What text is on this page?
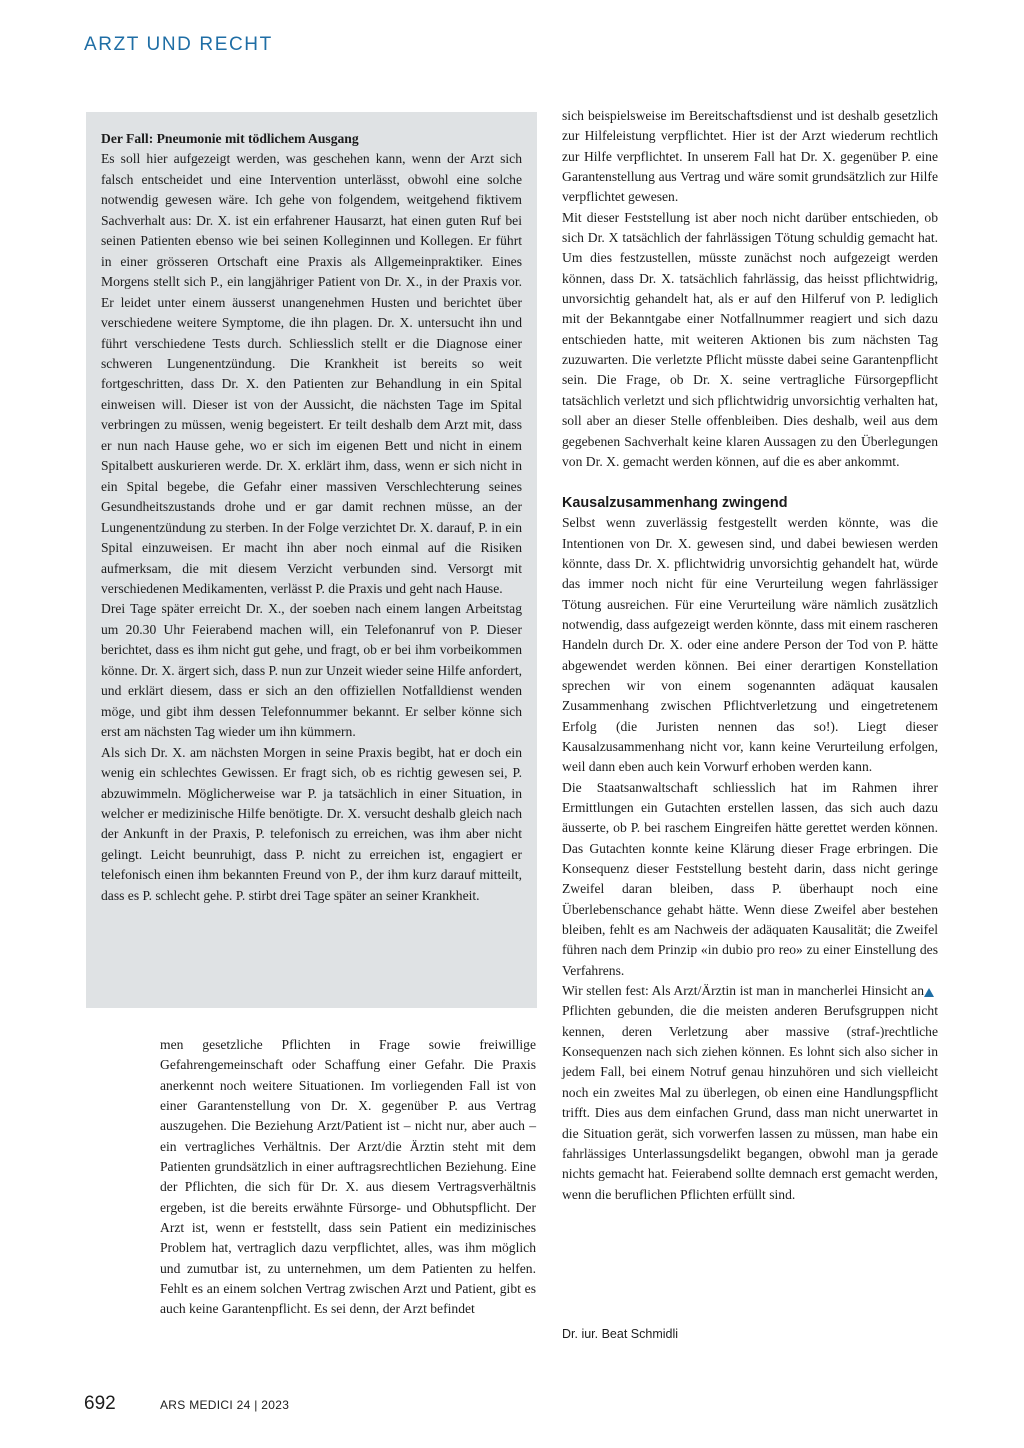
ARZT UND RECHT
Der Fall: Pneumonie mit tödlichem Ausgang
Es soll hier aufgezeigt werden, was geschehen kann, wenn der Arzt sich falsch entscheidet und eine Intervention unterlässt, obwohl eine solche notwendig gewesen wäre. Ich gehe von folgendem, weitgehend fiktivem Sachverhalt aus: Dr. X. ist ein erfahrener Hausarzt, hat einen guten Ruf bei seinen Patienten ebenso wie bei seinen Kolleginnen und Kollegen. Er führt in einer grösseren Ortschaft eine Praxis als Allgemeinpraktiker. Eines Morgens stellt sich P., ein langjähriger Patient von Dr. X., in der Praxis vor. Er leidet unter einem äusserst unangenehmen Husten und berichtet über verschiedene weitere Symptome, die ihn plagen. Dr. X. untersucht ihn und führt verschiedene Tests durch. Schliesslich stellt er die Diagnose einer schweren Lungenentzündung. Die Krankheit ist bereits so weit fortgeschritten, dass Dr. X. den Patienten zur Behandlung in ein Spital einweisen will. Dieser ist von der Aussicht, die nächsten Tage im Spital verbringen zu müssen, wenig begeistert. Er teilt deshalb dem Arzt mit, dass er nun nach Hause gehe, wo er sich im eigenen Bett und nicht in einem Spitalbett auskurieren werde. Dr. X. erklärt ihm, dass, wenn er sich nicht in ein Spital begebe, die Gefahr einer massiven Verschlechterung seines Gesundheitszustands drohe und er gar damit rechnen müsse, an der Lungenentzündung zu sterben. In der Folge verzichtet Dr. X. darauf, P. in ein Spital einzuweisen. Er macht ihn aber noch einmal auf die Risiken aufmerksam, die mit diesem Verzicht verbunden sind. Versorgt mit verschiedenen Medikamenten, verlässt P. die Praxis und geht nach Hause.
Drei Tage später erreicht Dr. X., der soeben nach einem langen Arbeitstag um 20.30 Uhr Feierabend machen will, ein Telefonanruf von P. Dieser berichtet, dass es ihm nicht gut gehe, und fragt, ob er bei ihm vorbeikommen könne. Dr. X. ärgert sich, dass P. nun zur Unzeit wieder seine Hilfe anfordert, und erklärt diesem, dass er sich an den offiziellen Notfalldienst wenden möge, und gibt ihm dessen Telefonnummer bekannt. Er selber könne sich erst am nächsten Tag wieder um ihn kümmern.
Als sich Dr. X. am nächsten Morgen in seine Praxis begibt, hat er doch ein wenig ein schlechtes Gewissen. Er fragt sich, ob es richtig gewesen sei, P. abzuwimmeln. Möglicherweise war P. ja tatsächlich in einer Situation, in welcher er medizinische Hilfe benötigte. Dr. X. versucht deshalb gleich nach der Ankunft in der Praxis, P. telefonisch zu erreichen, was ihm aber nicht gelingt. Leicht beunruhigt, dass P. nicht zu erreichen ist, engagiert er telefonisch einen ihm bekannten Freund von P., der ihm kurz darauf mitteilt, dass es P. schlecht gehe. P. stirbt drei Tage später an seiner Krankheit.
men gesetzliche Pflichten in Frage sowie freiwillige Gefahrengemeinschaft oder Schaffung einer Gefahr. Die Praxis anerkennt noch weitere Situationen. Im vorliegenden Fall ist von einer Garantenstellung von Dr. X. gegenüber P. aus Vertrag auszugehen. Die Beziehung Arzt/Patient ist – nicht nur, aber auch – ein vertragliches Verhältnis. Der Arzt/die Ärztin steht mit dem Patienten grundsätzlich in einer auftragsrechtlichen Beziehung. Eine der Pflichten, die sich für Dr. X. aus diesem Vertragsverhältnis ergeben, ist die bereits erwähnte Fürsorge- und Obhutspflicht. Der Arzt ist, wenn er feststellt, dass sein Patient ein medizinisches Problem hat, vertraglich dazu verpflichtet, alles, was ihm möglich und zumutbar ist, zu unternehmen, um dem Patienten zu helfen. Fehlt es an einem solchen Vertrag zwischen Arzt und Patient, gibt es auch keine Garantenpflicht. Es sei denn, der Arzt befindet
sich beispielsweise im Bereitschaftsdienst und ist deshalb gesetzlich zur Hilfeleistung verpflichtet. Hier ist der Arzt wiederum rechtlich zur Hilfe verpflichtet. In unserem Fall hat Dr. X. gegenüber P. eine Garantenstellung aus Vertrag und wäre somit grundsätzlich zur Hilfe verpflichtet gewesen.
Mit dieser Feststellung ist aber noch nicht darüber entschieden, ob sich Dr. X tatsächlich der fahrlässigen Tötung schuldig gemacht hat. Um dies festzustellen, müsste zunächst noch aufgezeigt werden können, dass Dr. X. tatsächlich fahrlässig, das heisst pflichtwidrig, unvorsichtig gehandelt hat, als er auf den Hilferuf von P. lediglich mit der Bekanntgabe einer Notfallnummer reagiert und sich dazu entschieden hatte, mit weiteren Aktionen bis zum nächsten Tag zuzuwarten. Die verletzte Pflicht müsste dabei seine Garantenpflicht sein. Die Frage, ob Dr. X. seine vertragliche Fürsorgepflicht tatsächlich verletzt und sich pflichtwidrig unvorsichtig verhalten hat, soll aber an dieser Stelle offenbleiben. Dies deshalb, weil aus dem gegebenen Sachverhalt keine klaren Aussagen zu den Überlegungen von Dr. X. gemacht werden können, auf die es aber ankommt.
Kausalzusammenhang zwingend
Selbst wenn zuverlässig festgestellt werden könnte, was die Intentionen von Dr. X. gewesen sind, und dabei bewiesen werden könnte, dass Dr. X. pflichtwidrig unvorsichtig gehandelt hat, würde das immer noch nicht für eine Verurteilung wegen fahrlässiger Tötung ausreichen. Für eine Verurteilung wäre nämlich zusätzlich notwendig, dass aufgezeigt werden könnte, dass mit einem rascheren Handeln durch Dr. X. oder eine andere Person der Tod von P. hätte abgewendet werden können. Bei einer derartigen Konstellation sprechen wir von einem sogenannten adäquat kausalen Zusammenhang zwischen Pflichtverletzung und eingetretenem Erfolg (die Juristen nennen das so!). Liegt dieser Kausalzusammenhang nicht vor, kann keine Verurteilung erfolgen, weil dann eben auch kein Vorwurf erhoben werden kann.
Die Staatsanwaltschaft schliesslich hat im Rahmen ihrer Ermittlungen ein Gutachten erstellen lassen, das sich auch dazu äusserte, ob P. bei raschem Eingreifen hätte gerettet werden können. Das Gutachten konnte keine Klärung dieser Frage erbringen. Die Konsequenz dieser Feststellung besteht darin, dass nicht geringe Zweifel daran bleiben, dass P. überhaupt noch eine Überlebenschance gehabt hätte. Wenn diese Zweifel aber bestehen bleiben, fehlt es am Nachweis der adäquaten Kausalität; die Zweifel führen nach dem Prinzip «in dubio pro reo» zu einer Einstellung des Verfahrens.
Wir stellen fest: Als Arzt/Ärztin ist man in mancherlei Hinsicht an Pflichten gebunden, die die meisten anderen Berufsgruppen nicht kennen, deren Verletzung aber massive (straf-)rechtliche Konsequenzen nach sich ziehen können. Es lohnt sich also sicher in jedem Fall, bei einem Notruf genau hinzuhören und sich vielleicht noch ein zweites Mal zu überlegen, ob einen eine Handlungspflicht trifft. Dies aus dem einfachen Grund, dass man nicht unerwartet in die Situation gerät, sich vorwerfen lassen zu müssen, man habe ein fahrlässiges Unterlassungsdelikt begangen, obwohl man ja gerade nichts gemacht hat. Feierabend sollte demnach erst gemacht werden, wenn die beruflichen Pflichten erfüllt sind.
Dr. iur. Beat Schmidli
692	ARS MEDICI 24 | 2023
